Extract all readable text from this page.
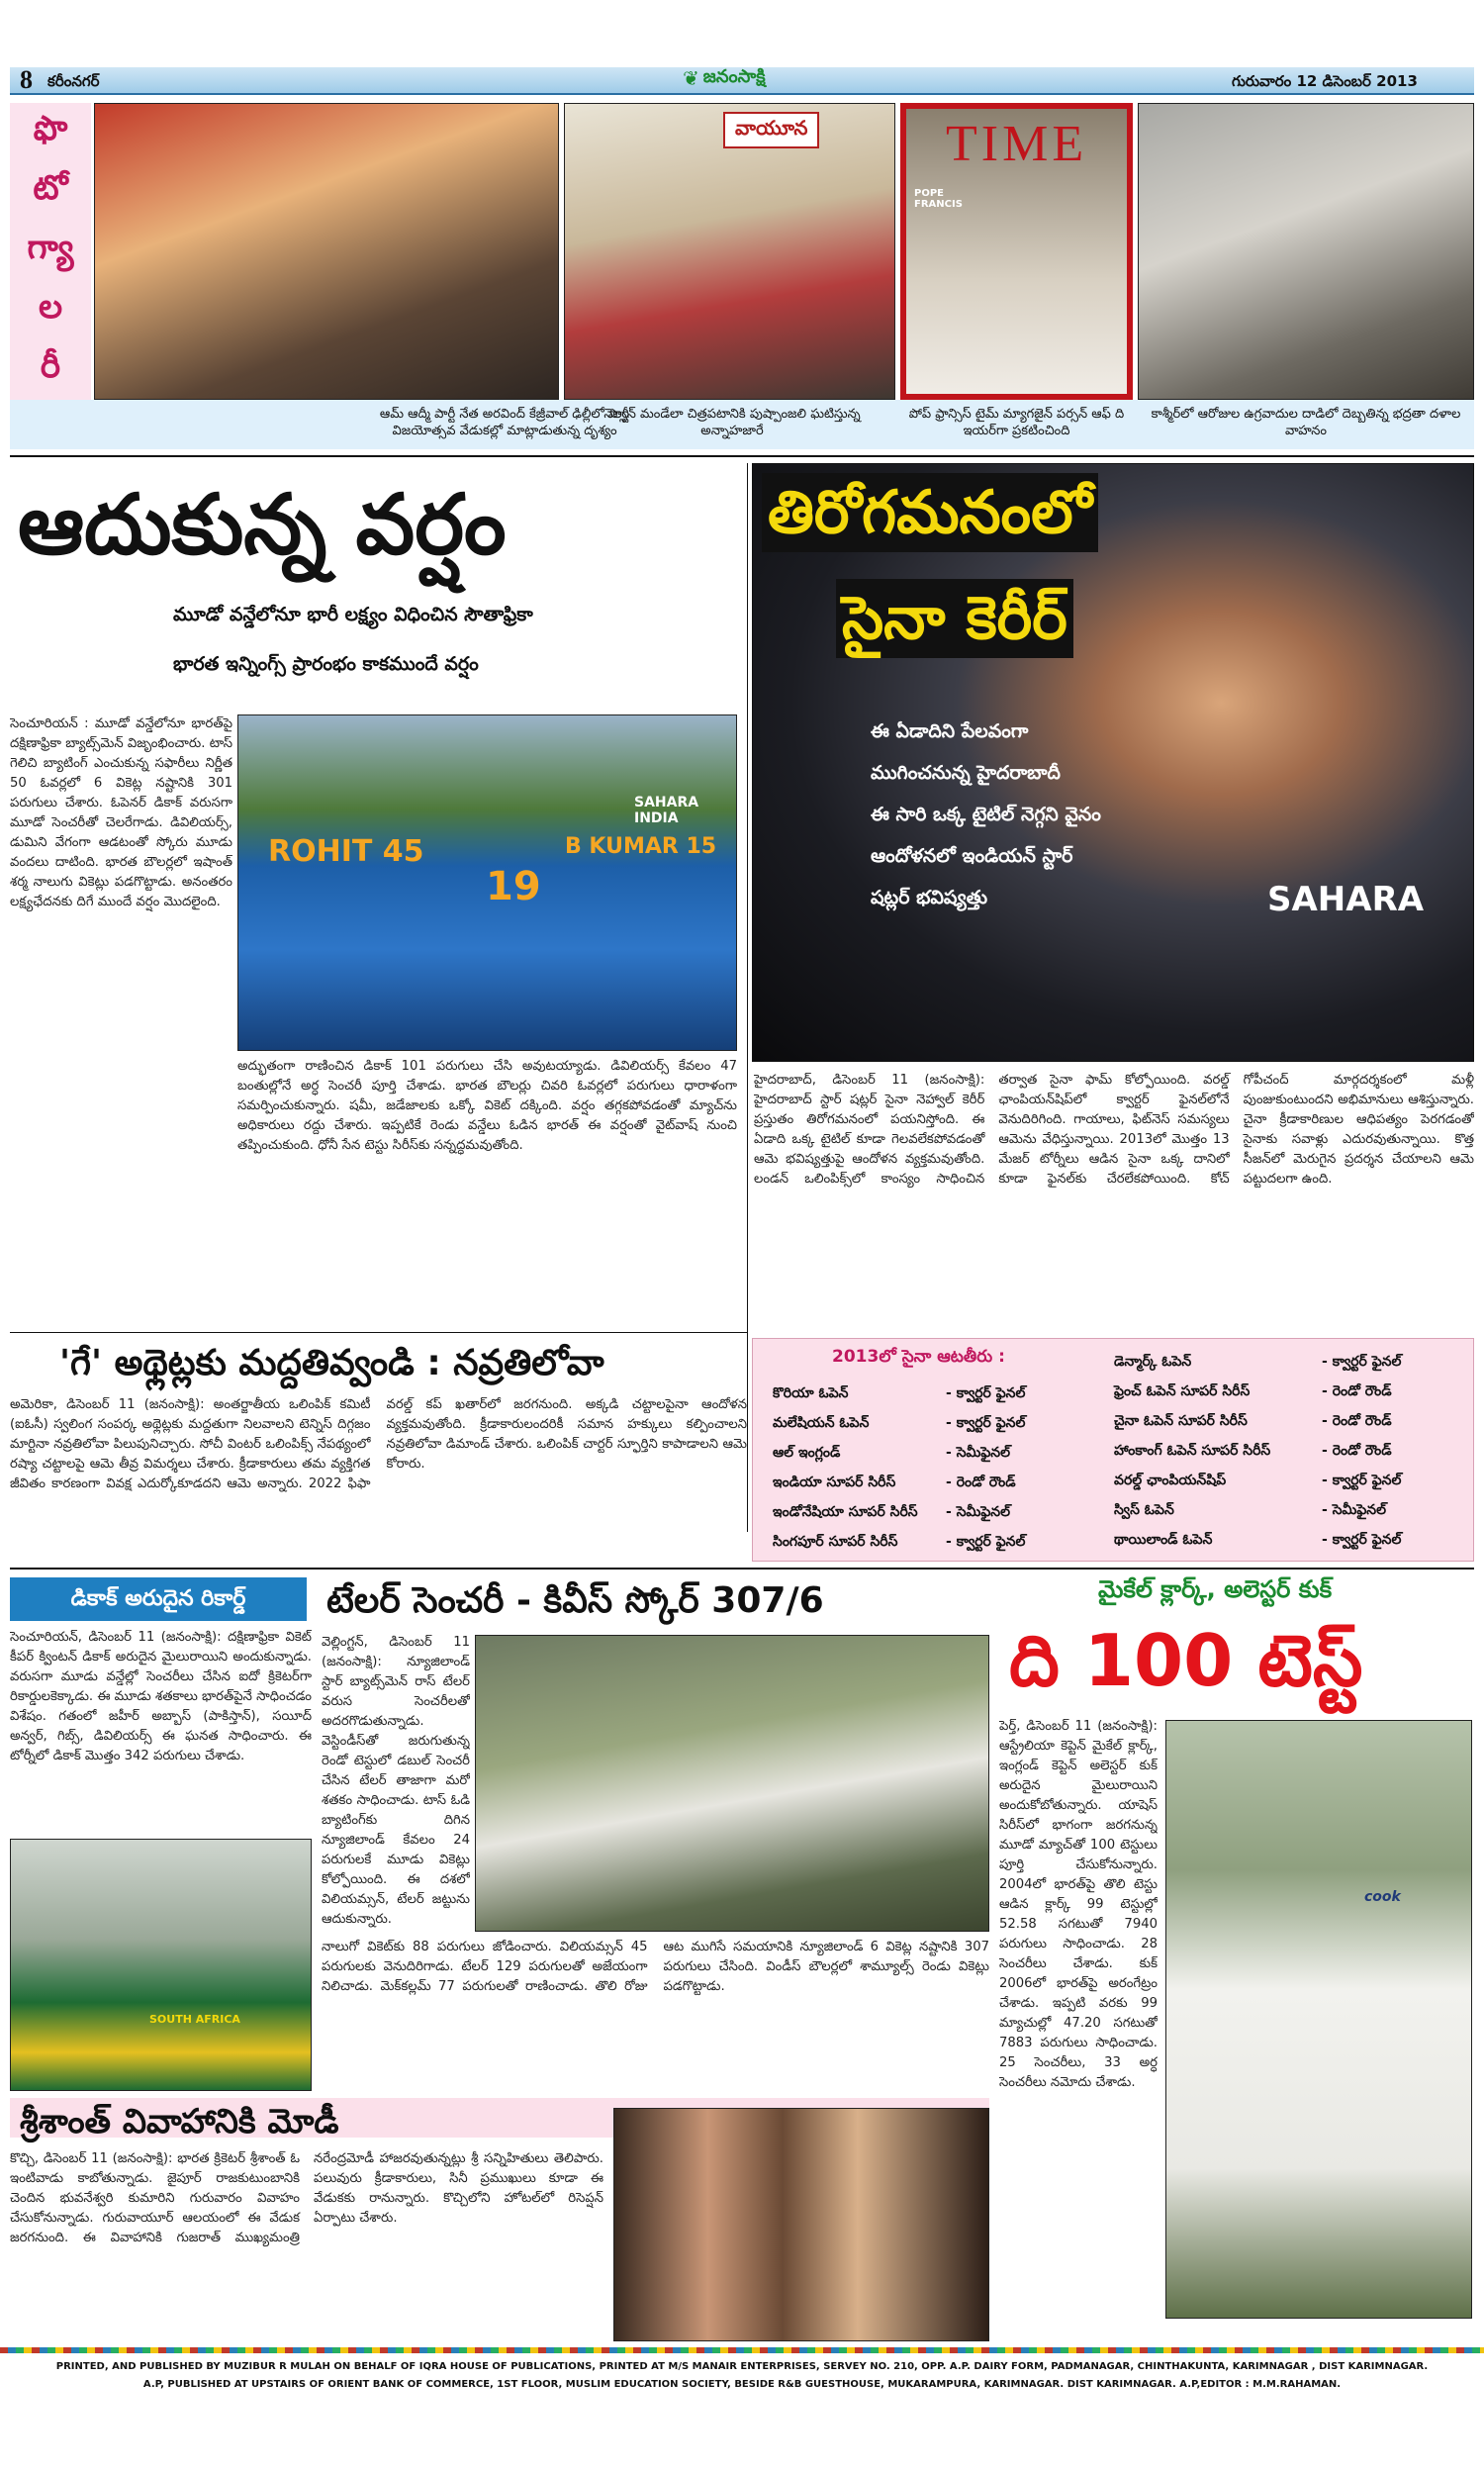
8 కరీంనగర్	❦ జనంసాక్షి	గురువారం 12 డిసెంబర్ 2013
ఫొ
టో
గ్యా
ల
రీ
వాయూన	TIME
POPE FRANCIS
ఆమ్ ఆద్మీ పార్టీ నేత అరవింద్ కేజ్రీవాల్ ఢిల్లీలో పార్టీ విజయోత్సవ వేడుకల్లో మాట్లాడుతున్న దృశ్యం
నెల్సన్ మండేలా చిత్రపటానికి పుష్పాంజలి ఘటిస్తున్న అన్నాహజారే
పోప్ ఫ్రాన్సిస్ టైమ్ మ్యాగజైన్ పర్సన్ ఆఫ్ ది ఇయర్‌గా ప్రకటించింది
కాశ్మీర్‌లో ఆరోజుల ఉగ్రవాదుల దాడిలో దెబ్బతిన్న భద్రతా దళాల వాహనం
ఆదుకున్న వర్షం
మూడో వన్డేలోనూ భారీ లక్ష్యం విధించిన సౌతాఫ్రికా
భారత ఇన్నింగ్స్ ప్రారంభం కాకముందే వర్షం
సెంచూరియన్ : మూడో వన్డేలోనూ భారత్‌పై దక్షిణాఫ్రికా బ్యాట్స్‌మెన్ విజృంభించారు. టాస్ గెలిచి బ్యాటింగ్ ఎంచుకున్న సఫారీలు నిర్ణీత 50 ఓవర్లలో 6 వికెట్ల నష్టానికి 301 పరుగులు చేశారు. ఓపెనర్ డికాక్ వరుసగా మూడో సెంచరీతో చెలరేగాడు. డివిలియర్స్, డుమిని వేగంగా ఆడటంతో స్కోరు మూడు వందలు దాటింది. భారత బౌలర్లలో ఇషాంత్ శర్మ నాలుగు వికెట్లు పడగొట్టాడు. అనంతరం లక్ష్యఛేదనకు దిగే ముందే వర్షం మొదలైంది.
ROHIT 45
19
B KUMAR 15
SAHARA INDIA
అద్భుతంగా రాణించిన డికాక్ 101 పరుగులు చేసి అవుటయ్యాడు. డివిలియర్స్ కేవలం 47 బంతుల్లోనే అర్ధ సెంచరీ పూర్తి చేశాడు. భారత బౌలర్లు చివరి ఓవర్లలో పరుగులు ధారాళంగా సమర్పించుకున్నారు. షమీ, జడేజాలకు ఒక్కో వికెట్ దక్కింది. వర్షం తగ్గకపోవడంతో మ్యాచ్‌ను అధికారులు రద్దు చేశారు. ఇప్పటికే రెండు వన్డేలు ఓడిన భారత్ ఈ వర్షంతో వైట్‌వాష్ నుంచి తప్పించుకుంది. ధోనీ సేన టెస్టు సిరీస్‌కు సన్నద్ధమవుతోంది.
SAHARA
తిరోగమనంలో
సైనా కెరీర్
ఈ ఏడాదిని పేలవంగా
ముగించనున్న హైదరాబాదీ
ఈ సారి ఒక్క టైటిల్ నెగ్గని వైనం
ఆందోళనలో ఇండియన్ స్టార్
షట్లర్ భవిష్యత్తు
హైదరాబాద్, డిసెంబర్ 11 (జనంసాక్షి): హైదరాబాద్ స్టార్ షట్లర్ సైనా నెహ్వాల్ కెరీర్ ప్రస్తుతం తిరోగమనంలో పయనిస్తోంది. ఈ ఏడాది ఒక్క టైటిల్ కూడా గెలవలేకపోవడంతో ఆమె భవిష్యత్తుపై ఆందోళన వ్యక్తమవుతోంది. లండన్ ఒలింపిక్స్‌లో కాంస్యం సాధించిన తర్వాత సైనా ఫామ్ కోల్పోయింది. వరల్డ్ ఛాంపియన్‌షిప్‌లో క్వార్టర్ ఫైనల్‌లోనే వెనుదిరిగింది. గాయాలు, ఫిట్‌నెస్ సమస్యలు ఆమెను వేధిస్తున్నాయి. 2013లో మొత్తం 13 మేజర్ టోర్నీలు ఆడిన సైనా ఒక్క దానిలో కూడా ఫైనల్‌కు చేరలేకపోయింది. కోచ్ గోపీచంద్ మార్గదర్శకంలో మళ్లీ పుంజుకుంటుందని అభిమానులు ఆశిస్తున్నారు. చైనా క్రీడాకారిణుల ఆధిపత్యం పెరగడంతో సైనాకు సవాళ్లు ఎదురవుతున్నాయి. కొత్త సీజన్‌లో మెరుగైన ప్రదర్శన చేయాలని ఆమె పట్టుదలగా ఉంది.
'గే' అథ్లెట్లకు మద్దతివ్వండి : నవ్రతిలోవా
అమెరికా, డిసెంబర్ 11 (జనంసాక్షి): అంతర్జాతీయ ఒలింపిక్ కమిటీ (ఐఓసీ) స్వలింగ సంపర్క అథ్లెట్లకు మద్దతుగా నిలవాలని టెన్నిస్ దిగ్గజం మార్టినా నవ్రతిలోవా పిలుపునిచ్చారు. సోచీ వింటర్ ఒలింపిక్స్ నేపథ్యంలో రష్యా చట్టాలపై ఆమె తీవ్ర విమర్శలు చేశారు. క్రీడాకారులు తమ వ్యక్తిగత జీవితం కారణంగా వివక్ష ఎదుర్కోకూడదని ఆమె అన్నారు. 2022 ఫిఫా వరల్డ్ కప్ ఖతార్‌లో జరగనుంది. అక్కడి చట్టాలపైనా ఆందోళన వ్యక్తమవుతోంది. క్రీడాకారులందరికీ సమాన హక్కులు కల్పించాలని నవ్రతిలోవా డిమాండ్ చేశారు. ఒలింపిక్ చార్టర్ స్ఫూర్తిని కాపాడాలని ఆమె కోరారు.
2013లో సైనా ఆటతీరు :
కొరియా ఓపెన్	- క్వార్టర్ ఫైనల్
మలేషియన్ ఓపెన్	- క్వార్టర్ ఫైనల్
ఆల్ ఇంగ్లండ్	- సెమీఫైనల్
ఇండియా సూపర్ సిరీస్	- రెండో రౌండ్
ఇండోనేషియా సూపర్ సిరీస్	- సెమీఫైనల్
సింగపూర్ సూపర్ సిరీస్	- క్వార్టర్ ఫైనల్
డెన్మార్క్ ఓపెన్	- క్వార్టర్ ఫైనల్
ఫ్రెంచ్ ఓపెన్ సూపర్ సిరీస్	- రెండో రౌండ్
చైనా ఓపెన్ సూపర్ సిరీస్	- రెండో రౌండ్
హాంకాంగ్ ఓపెన్ సూపర్ సిరీస్	- రెండో రౌండ్
వరల్డ్ ఛాంపియన్‌షిప్	- క్వార్టర్ ఫైనల్
స్విస్ ఓపెన్	- సెమీఫైనల్
థాయిలాండ్ ఓపెన్	- క్వార్టర్ ఫైనల్
డికాక్ అరుదైన రికార్డ్
సెంచూరియన్, డిసెంబర్ 11 (జనంసాక్షి): దక్షిణాఫ్రికా వికెట్ కీపర్ క్వింటన్ డికాక్ అరుదైన మైలురాయిని అందుకున్నాడు. వరుసగా మూడు వన్డేల్లో సెంచరీలు చేసిన ఐదో క్రికెటర్‌గా రికార్డులకెక్కాడు. ఈ మూడు శతకాలు భారత్‌పైనే సాధించడం విశేషం. గతంలో జహీర్ అబ్బాస్ (పాకిస్తాన్), సయీద్ అన్వర్, గిబ్స్, డివిలియర్స్ ఈ ఘనత సాధించారు. ఈ టోర్నీలో డికాక్ మొత్తం 342 పరుగులు చేశాడు.
SOUTH AFRICA
టేలర్ సెంచరీ - కివీస్ స్కోర్ 307/6
వెల్లింగ్టన్, డిసెంబర్ 11 (జనంసాక్షి): న్యూజిలాండ్ స్టార్ బ్యాట్స్‌మెన్ రాస్ టేలర్ వరుస సెంచరీలతో అదరగొడుతున్నాడు. వెస్టిండీస్‌తో జరుగుతున్న రెండో టెస్టులో డబుల్ సెంచరీ చేసిన టేలర్ తాజాగా మరో శతకం సాధించాడు. టాస్ ఓడి బ్యాటింగ్‌కు దిగిన న్యూజిలాండ్ కేవలం 24 పరుగులకే మూడు వికెట్లు కోల్పోయింది. ఈ దశలో విలియమ్సన్, టేలర్ జట్టును ఆదుకున్నారు.
నాలుగో వికెట్‌కు 88 పరుగులు జోడించారు. విలియమ్సన్ 45 పరుగులకు వెనుదిరిగాడు. టేలర్ 129 పరుగులతో అజేయంగా నిలిచాడు. మెక్‌కల్లమ్ 77 పరుగులతో రాణించాడు. తొలి రోజు ఆట ముగిసే సమయానికి న్యూజిలాండ్ 6 వికెట్ల నష్టానికి 307 పరుగులు చేసింది. విండీస్ బౌలర్లలో శామ్యూల్స్ రెండు వికెట్లు పడగొట్టాడు.
మైకేల్ క్లార్క్, అలెస్టర్ కుక్
ది 100 టెస్ట్
పెర్త్, డిసెంబర్ 11 (జనంసాక్షి): ఆస్ట్రేలియా కెప్టెన్ మైకేల్ క్లార్క్, ఇంగ్లండ్ కెప్టెన్ అలెస్టర్ కుక్ అరుదైన మైలురాయిని అందుకోబోతున్నారు. యాషెస్ సిరీస్‌లో భాగంగా జరగనున్న మూడో మ్యాచ్‌తో 100 టెస్టులు పూర్తి చేసుకోనున్నారు. 2004లో భారత్‌పై తొలి టెస్టు ఆడిన క్లార్క్ 99 టెస్టుల్లో 52.58 సగటుతో 7940 పరుగులు సాధించాడు. 28 సెంచరీలు చేశాడు. కుక్ 2006లో భారత్‌పై అరంగేట్రం చేశాడు. ఇప్పటి వరకు 99 మ్యాచుల్లో 47.20 సగటుతో 7883 పరుగులు సాధించాడు. 25 సెంచరీలు, 33 అర్ధ సెంచరీలు నమోదు చేశాడు.
cook
శ్రీశాంత్ వివాహానికి మోడీ
కొచ్చి, డిసెంబర్ 11 (జనంసాక్షి): భారత క్రికెటర్ శ్రీశాంత్ ఓ ఇంటివాడు కాబోతున్నాడు. జైపూర్ రాజకుటుంబానికి చెందిన భువనేశ్వరి కుమారిని గురువారం వివాహం చేసుకోనున్నాడు. గురువాయూర్ ఆలయంలో ఈ వేడుక జరగనుంది. ఈ వివాహానికి గుజరాత్ ముఖ్యమంత్రి నరేంద్రమోడీ హాజరవుతున్నట్లు శ్రీ సన్నిహితులు తెలిపారు. పలువురు క్రీడాకారులు, సినీ ప్రముఖులు కూడా ఈ వేడుకకు రానున్నారు. కొచ్చిలోని హోటల్‌లో రిసెప్షన్ ఏర్పాటు చేశారు.
PRINTED, AND PUBLISHED BY MUZIBUR R MULAH ON BEHALF OF IQRA HOUSE OF PUBLICATIONS, PRINTED AT M/S MANAIR ENTERPRISES, SERVEY NO. 210, OPP. A.P. DAIRY FORM, PADMANAGAR, CHINTHAKUNTA, KARIMNAGAR , DIST KARIMNAGAR.
A.P, PUBLISHED AT UPSTAIRS OF ORIENT BANK OF COMMERCE, 1ST FLOOR, MUSLIM EDUCATION SOCIETY, BESIDE R&B GUESTHOUSE, MUKARAMPURA, KARIMNAGAR. DIST KARIMNAGAR. A.P,EDITOR : M.M.RAHAMAN.
